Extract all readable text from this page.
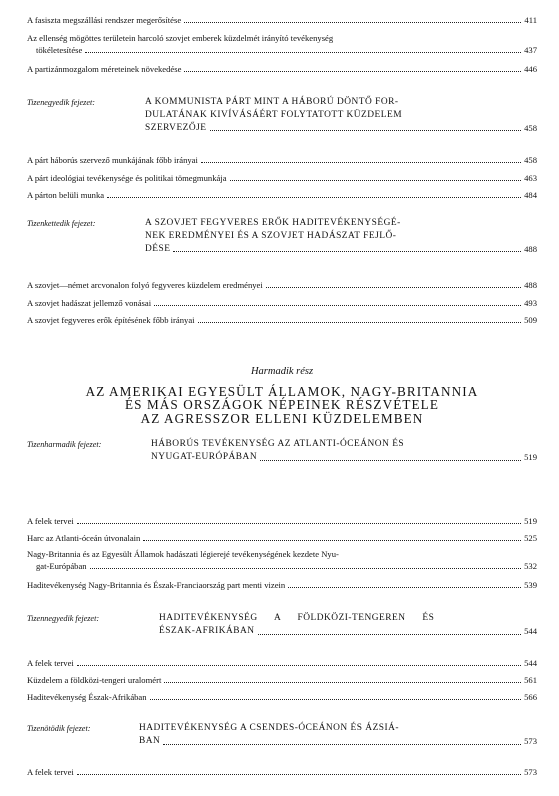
A fasiszta megszállási rendszer megerősítése	411
Az ellenség mögöttes területein harcoló szovjet emberek küzdelmét irányító tevékenység
tökéletesítése	437
A partizánmozgalom méreteinek növekedése	446
Tizenegyedik fejezet:	A KOMMUNISTA PÁRT MINT A HÁBORÚ DÖNTŐ FOR-
DULATÁNAK KIVÍVÁSÁÉRT FOLYTATOTT KÜZDELEM
SZERVEZŐJE	458
A párt háborús szervező munkájának főbb irányai	458
A párt ideológiai tevékenysége és politikai tömegmunkája	463
A párton belüli munka	484
Tizenkettedik fejezet:	A SZOVJET FEGYVERES ERŐK HADITEVÉKENYSÉGÉ-
NEK EREDMÉNYEI ÉS A SZOVJET HADÁSZAT FEJLŐ-
DÉSE	488
A szovjet—német arcvonalon folyó fegyveres küzdelem eredményei	488
A szovjet hadászat jellemző vonásai	493
A szovjet fegyveres erők építésének főbb irányai	509
Harmadik rész
AZ AMERIKAI EGYESÜLT ÁLLAMOK, NAGY-BRITANNIA
ÉS MÁS ORSZÁGOK NÉPEINEK RÉSZVÉTELE
AZ AGRESSZOR ELLENI KÜZDELEMBEN
Tizenharmadik fejezet:	HÁBORÚS TEVÉKENYSÉG AZ ATLANTI-ÓCEÁNON ÉS
NYUGAT-EURÓPÁBAN	519
A felek tervei	519
Harc az Atlanti-óceán útvonalain	525
Nagy-Britannia és az Egyesült Államok hadászati légierejé tevékenységének kezdete Nyu-
gat-Európában	532
Haditevékenység Nagy-Britannia és Észak-Franciaország part menti vizein	539
Tizennegyedik fejezet:	HADITEVÉKENYSÉG A FÖLDKÖZI-TENGEREN ÉS
ÉSZAK-AFRIKÁBAN	544
A felek tervei	544
Küzdelem a földközi-tengeri uralomért	561
Haditevékenység Észak-Afrikában	566
Tizenötödik fejezet:	HADITEVÉKENYSÉG A CSENDES-ÓCEÁNON ÉS ÁZSIÁ-
BAN	573
A felek tervei	573
